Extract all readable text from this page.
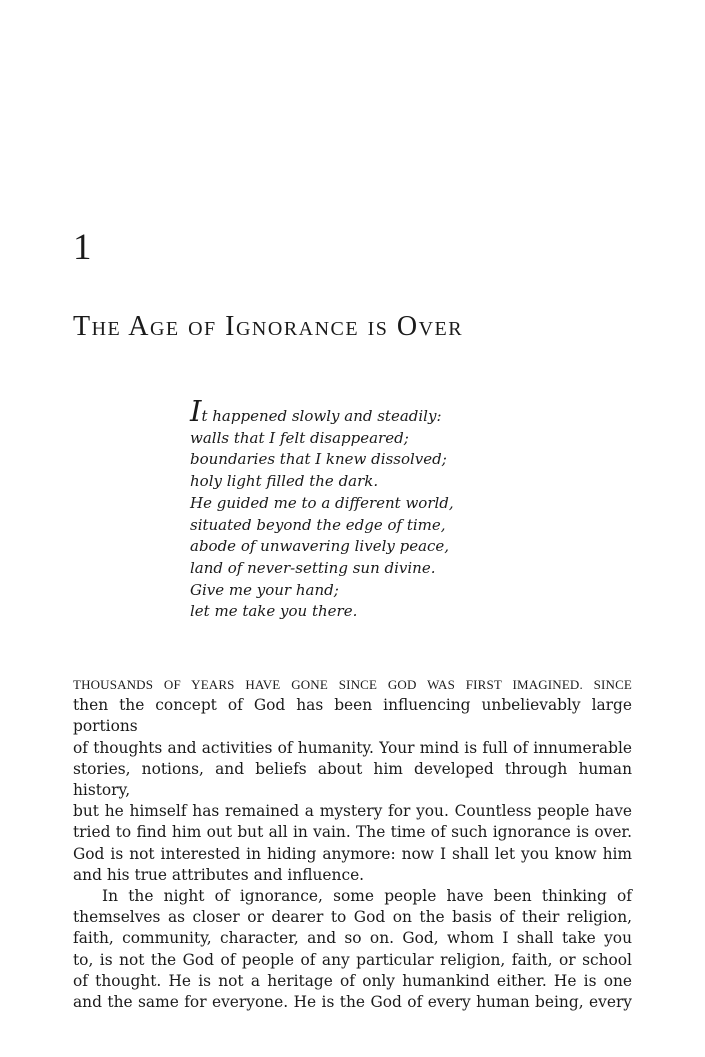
1
The Age of Ignorance is Over
It happened slowly and steadily:
walls that I felt disappeared;
boundaries that I knew dissolved;
holy light filled the dark.
He guided me to a different world,
situated beyond the edge of time,
abode of unwavering lively peace,
land of never-setting sun divine.
Give me your hand;
let me take you there.

THOUSANDS OF YEARS HAVE GONE SINCE GOD WAS FIRST IMAGINED. SINCE
then the concept of God has been influencing unbelievably large portions
of thoughts and activities of humanity. Your mind is full of innumerable
stories, notions, and beliefs about him developed through human history,
but he himself has remained a mystery for you. Countless people have
tried to find him out but all in vain. The time of such ignorance is over.
God is not interested in hiding anymore: now I shall let you know him
and his true attributes and influence.

In the night of ignorance, some people have been thinking of
themselves as closer or dearer to God on the basis of their religion,
faith, community, character, and so on. God, whom I shall take you
to, is not the God of people of any particular religion, faith, or school
of thought. He is not a heritage of only humankind either. He is one
and the same for everyone. He is the God of every human being, every
